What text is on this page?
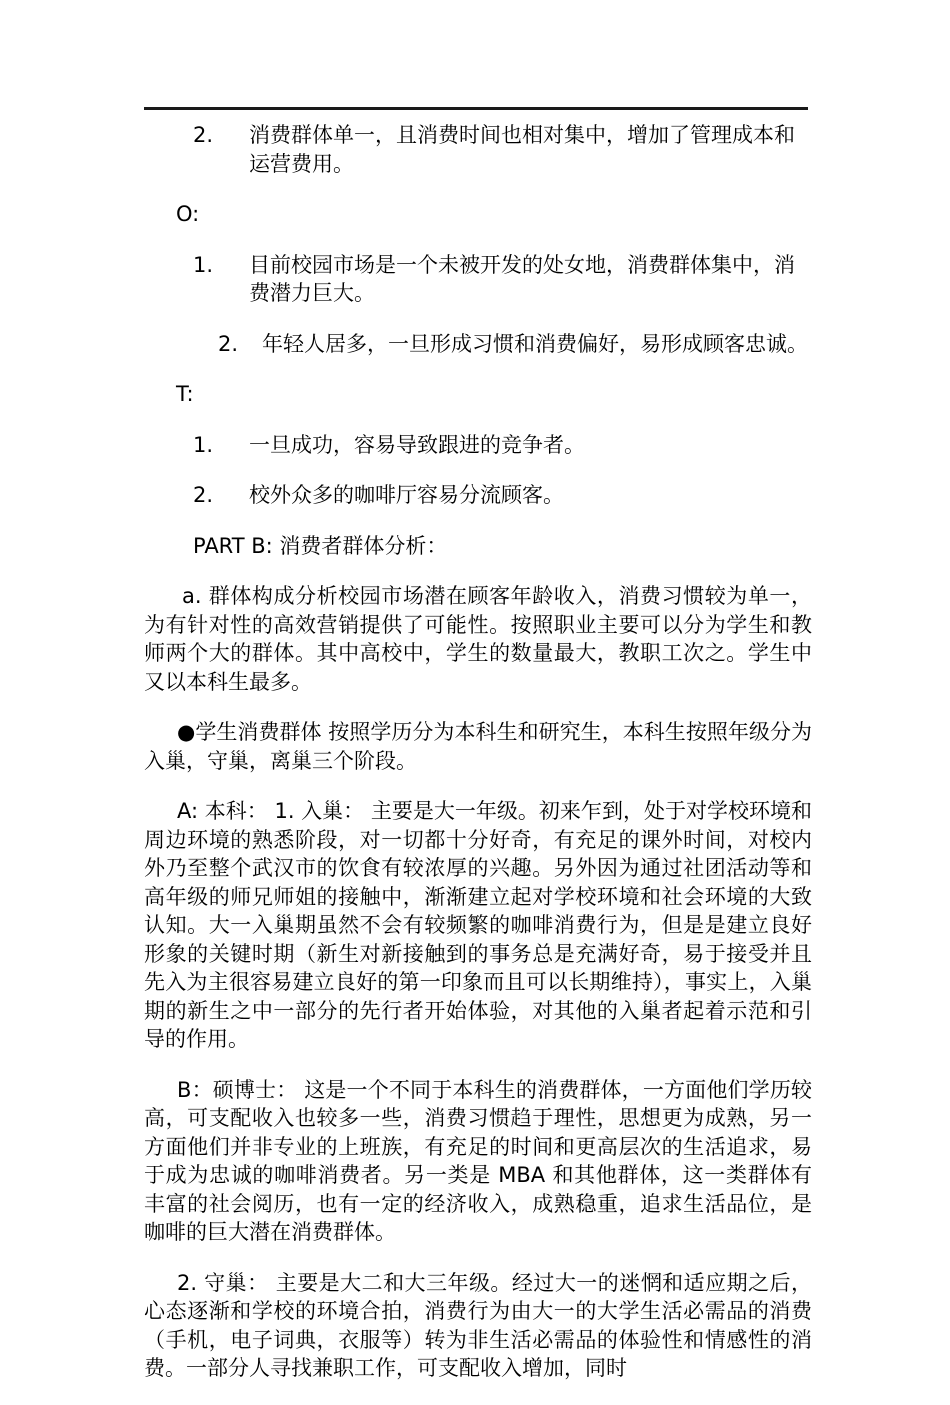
2.	消费群体单一，且消费时间也相对集中，增加了管理成本和运营费用。
O:
1.	目前校园市场是一个未被开发的处女地，消费群体集中，消费潜力巨大。
2.	年轻人居多，一旦形成习惯和消费偏好，易形成顾客忠诚。
T:
1.	一旦成功，容易导致跟进的竞争者。
2.	校外众多的咖啡厅容易分流顾客。
PART B: 消费者群体分析：

a. 群体构成分析校园市场潜在顾客年龄收入，消费习惯较为单一，为有针对性的高效营销提供了可能性。按照职业主要可以分为学生和教师两个大的群体。其中高校中，学生的数量最大，教职工次之。学生中又以本科生最多。

●学生消费群体 按照学历分为本科生和研究生，本科生按照年级分为入巢，守巢，离巢三个阶段。

A: 本科： 1. 入巢： 主要是大一年级。初来乍到，处于对学校环境和周边环境的熟悉阶段，对一切都十分好奇，有充足的课外时间，对校内外乃至整个武汉市的饮食有较浓厚的兴趣。另外因为通过社团活动等和高年级的师兄师姐的接触中，渐渐建立起对学校环境和社会环境的大致认知。大一入巢期虽然不会有较频繁的咖啡消费行为，但是是建立良好形象的关键时期（新生对新接触到的事务总是充满好奇，易于接受并且先入为主很容易建立良好的第一印象而且可以长期维持），事实上，入巢期的新生之中一部分的先行者开始体验，对其他的入巢者起着示范和引导的作用。

B：硕博士： 这是一个不同于本科生的消费群体，一方面他们学历较高，可支配收入也较多一些，消费习惯趋于理性，思想更为成熟，另一方面他们并非专业的上班族，有充足的时间和更高层次的生活追求，易于成为忠诚的咖啡消费者。另一类是 MBA 和其他群体，这一类群体有丰富的社会阅历，也有一定的经济收入，成熟稳重，追求生活品位，是咖啡的巨大潜在消费群体。

2. 守巢： 主要是大二和大三年级。经过大一的迷惘和适应期之后，心态逐渐和学校的环境合拍，消费行为由大一的大学生活必需品的消费（手机，电子词典，衣服等）转为非生活必需品的体验性和情感性的消费。一部分人寻找兼职工作，可支配收入增加，同时
